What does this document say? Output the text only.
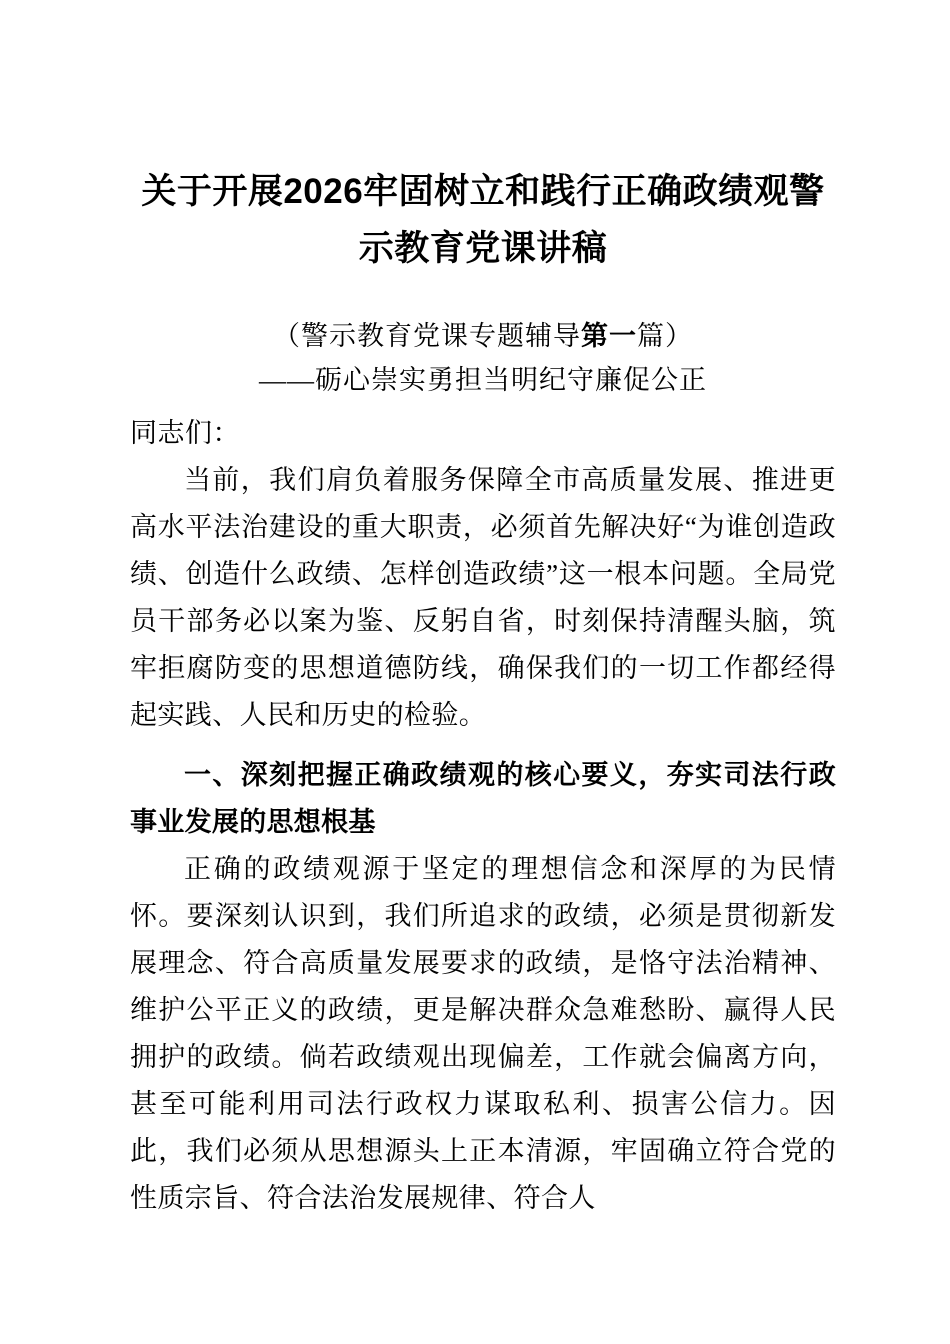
关于开展2026牢固树立和践行正确政绩观警示教育党课讲稿

（警示教育党课专题辅导第一篇）

——砺心崇实勇担当明纪守廉促公正

同志们：

当前，我们肩负着服务保障全市高质量发展、推进更高水平法治建设的重大职责，必须首先解决好“为谁创造政绩、创造什么政绩、怎样创造政绩”这一根本问题。全局党员干部务必以案为鉴、反躬自省，时刻保持清醒头脑，筑牢拒腐防变的思想道德防线，确保我们的一切工作都经得起实践、人民和历史的检验。

一、深刻把握正确政绩观的核心要义，夯实司法行政事业发展的思想根基

正确的政绩观源于坚定的理想信念和深厚的为民情怀。要深刻认识到，我们所追求的政绩，必须是贯彻新发展理念、符合高质量发展要求的政绩，是恪守法治精神、维护公平正义的政绩，更是解决群众急难愁盼、赢得人民拥护的政绩。倘若政绩观出现偏差，工作就会偏离方向，甚至可能利用司法行政权力谋取私利、损害公信力。因此，我们必须从思想源头上正本清源，牢固确立符合党的性质宗旨、符合法治发展规律、符合人
